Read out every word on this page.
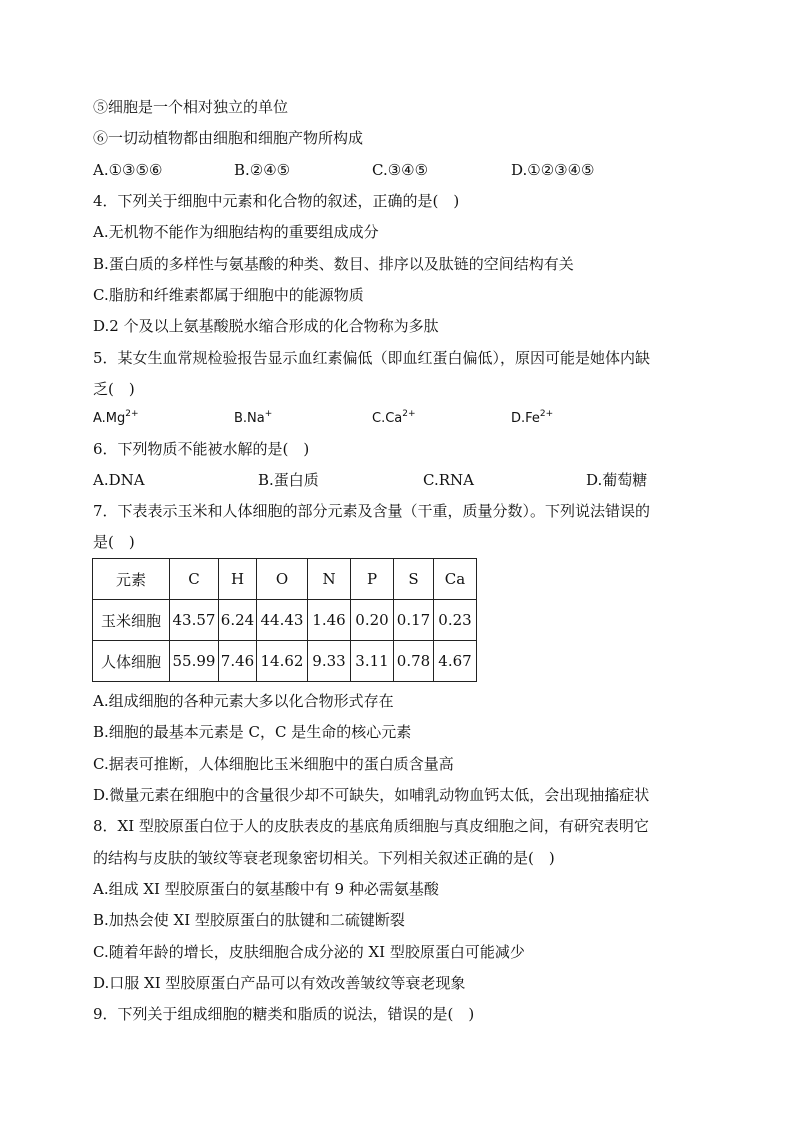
⑤细胞是一个相对独立的单位
⑥一切动植物都由细胞和细胞产物所构成
A.①③⑤⑥	B.②④⑤	C.③④⑤	D.①②③④⑤
4．下列关于细胞中元素和化合物的叙述，正确的是(　)
A.无机物不能作为细胞结构的重要组成成分
B.蛋白质的多样性与氨基酸的种类、数目、排序以及肽链的空间结构有关
C.脂肪和纤维素都属于细胞中的能源物质
D.2 个及以上氨基酸脱水缩合形成的化合物称为多肽
5．某女生血常规检验报告显示血红素偏低（即血红蛋白偏低），原因可能是她体内缺
乏(　)
$A.Mg^{2+}$	B.Na+	$C.Ca^{2+}$	$D.Fe^{2+}$
6．下列物质不能被水解的是(　)
A.DNA	B.蛋白质	C.RNA	D.葡萄糖
7．下表表示玉米和人体细胞的部分元素及含量（干重，质量分数）。下列说法错误的
是(　)
元素	C	H	O	N	P	S	Ca
玉米细胞	43.57	6.24	44.43	1.46	0.20	0.17	0.23
人体细胞	55.99	7.46	14.62	9.33	3.11	0.78	4.67
A.组成细胞的各种元素大多以化合物形式存在
B.细胞的最基本元素是 C，C 是生命的核心元素
C.据表可推断，人体细胞比玉米细胞中的蛋白质含量高
D.微量元素在细胞中的含量很少却不可缺失，如哺乳动物血钙太低，会出现抽搐症状
8．XI 型胶原蛋白位于人的皮肤表皮的基底角质细胞与真皮细胞之间，有研究表明它
的结构与皮肤的皱纹等衰老现象密切相关。下列相关叙述正确的是(　)
A.组成 XI 型胶原蛋白的氨基酸中有 9 种必需氨基酸
B.加热会使 XI 型胶原蛋白的肽键和二硫键断裂
C.随着年龄的增长，皮肤细胞合成分泌的 XI 型胶原蛋白可能减少
D.口服 XI 型胶原蛋白产品可以有效改善皱纹等衰老现象
9．下列关于组成细胞的糖类和脂质的说法，错误的是(　)
